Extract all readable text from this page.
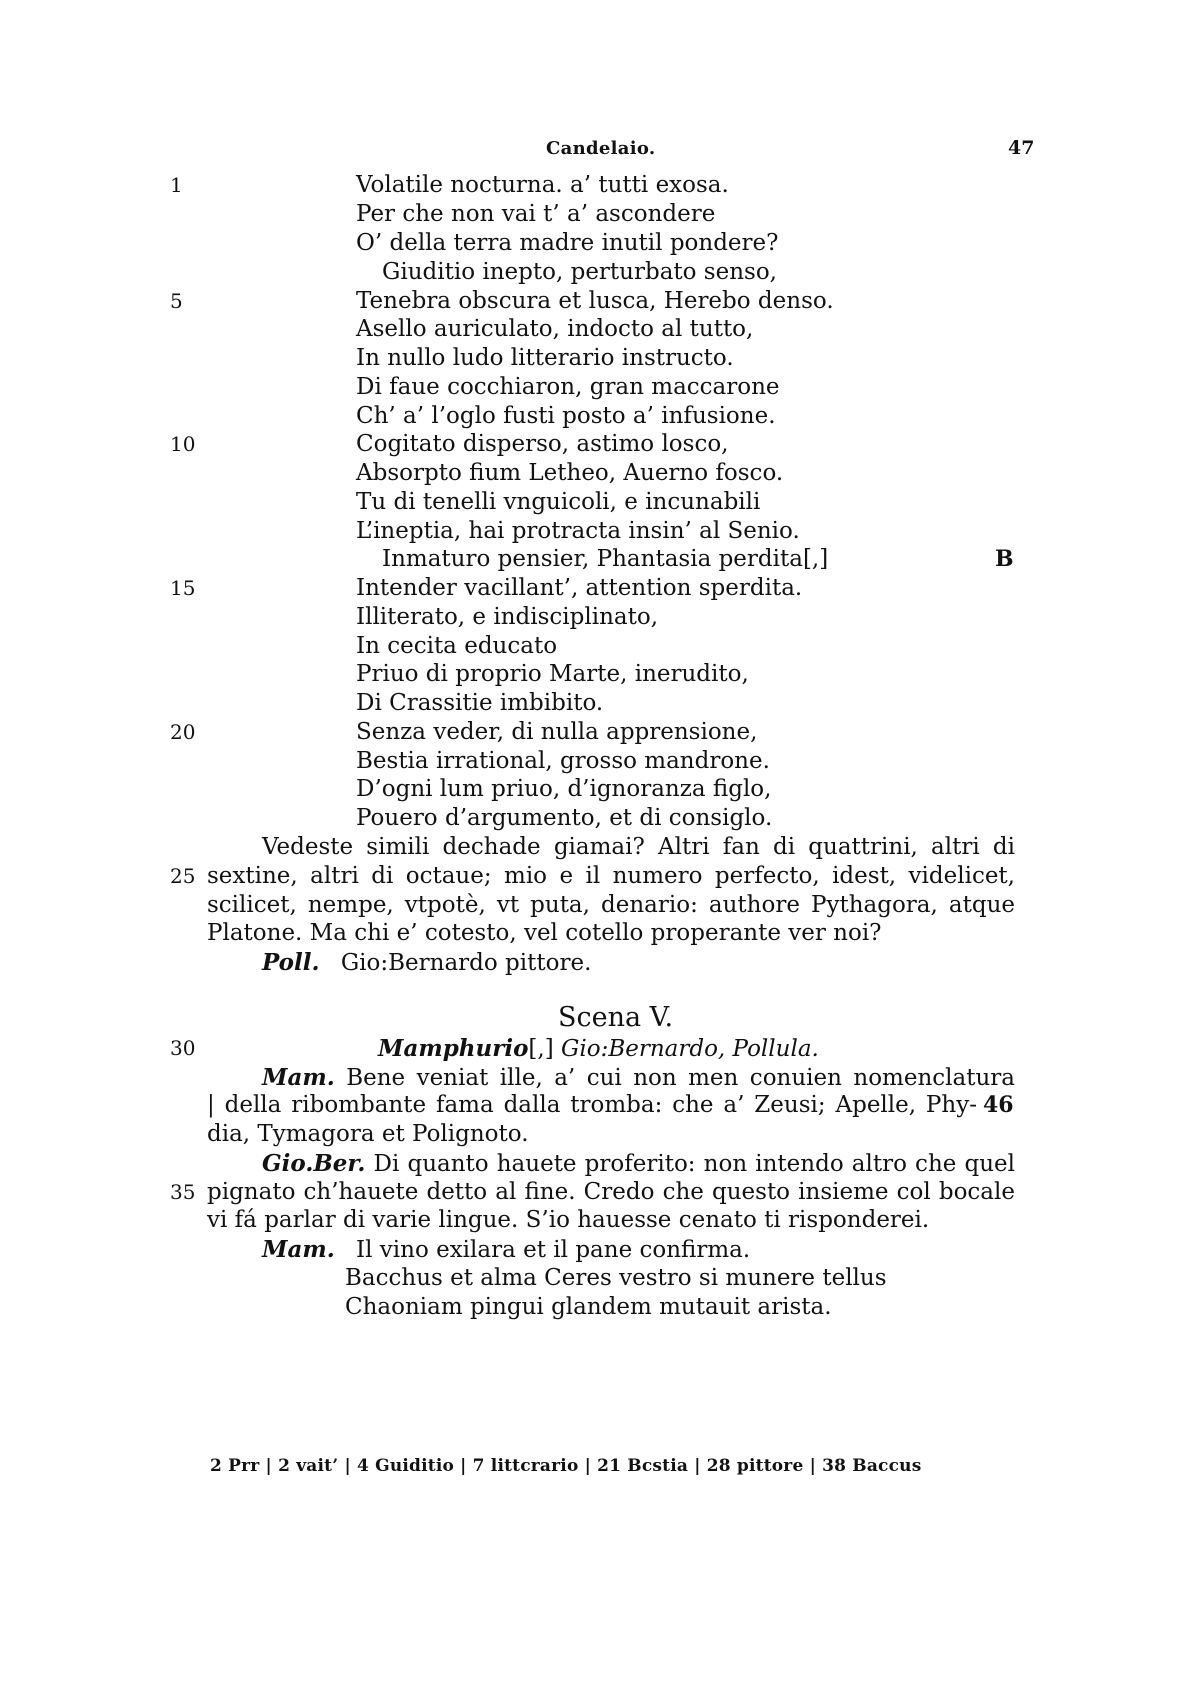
Candelaio.	47
1
5
10
15
20
25
30
35
Volatile nocturna. a’ tutti exosa.
Per che non vai t’ a’ ascondere
O’ della terra madre inutil pondere?
Giuditio inepto, perturbato senso,
Tenebra obscura et lusca, Herebo denso.
Asello auriculato, indocto al tutto,
In nullo ludo litterario instructo.
Di faue cocchiaron, gran maccarone
Ch’ a’ l’oglo fusti posto a’ infusione.
Cogitato disperso, astimo losco,
Absorpto fium Letheo, Auerno fosco.
Tu di tenelli vnguicoli, e incunabili
L’ineptia, hai protracta insin’ al Senio.
Inmaturo pensier, Phantasia perdita[,]
Intender vacillant’, attention sperdita.
Illiterato, e indisciplinato,
In cecita educato
Priuo di proprio Marte, inerudito,
Di Crassitie imbibito.
Senza veder, di nulla apprensione,
Bestia irrational, grosso mandrone.
D’ogni lum priuo, d’ignoranza figlo,
Pouero d’argumento, et di consiglo.
B
Vedeste simili dechade giamai? Altri fan di quattrini, altri di
sextine, altri di octaue; mio e il numero perfecto, idest, videlicet,
scilicet, nempe, vtpotè, vt puta, denario: authore Pythagora, atque
Platone. Ma chi e’ cotesto, vel cotello properante ver noi?
Poll. Gio:Bernardo pittore.
Scena V.
Mamphurio[,] Gio:Bernardo, Pollula.
Mam. Bene veniat ille, a’ cui non men conuien nomenclatura
| della ribombante fama dalla tromba: che a’ Zeusi; Apelle, Phy- 46
dia, Tymagora et Polignoto.
Gio.Ber. Di quanto hauete proferito: non intendo altro che quel
pignato ch’hauete detto al fine. Credo che questo insieme col bocale
vi fá parlar di varie lingue. S’io hauesse cenato ti risponderei.
Mam. Il vino exilara et il pane confirma.
Bacchus et alma Ceres vestro si munere tellus
Chaoniam pingui glandem mutauit arista.
2 Prr | 2 vait’ | 4 Guiditio | 7 littcrario | 21 Bcstia | 28 pittore | 38 Baccus
